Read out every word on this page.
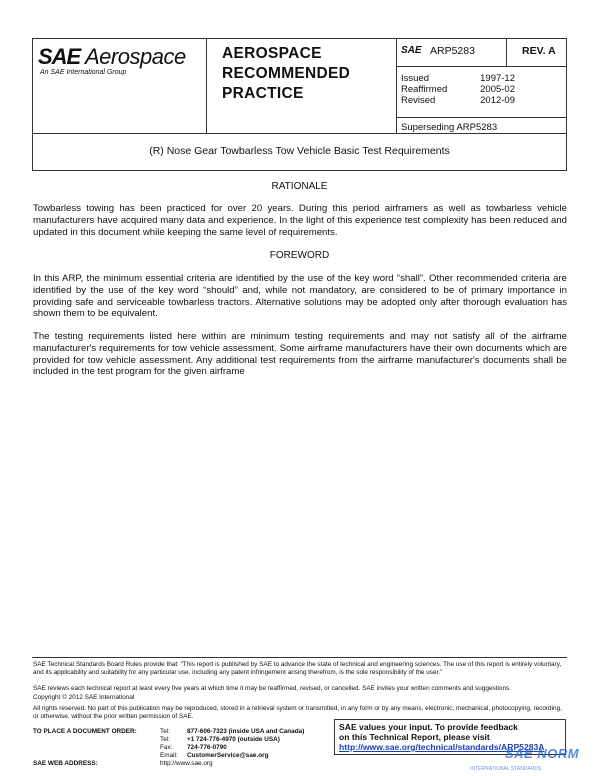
SAE Aerospace
An SAE International Group
AEROSPACE
RECOMMENDED
PRACTICE
SAE ARP5283	REV. A
Issued	1997-12
Reaffirmed	2005-02
Revised	2012-09
Superseding ARP5283
(R) Nose Gear Towbarless Tow Vehicle Basic Test Requirements
RATIONALE
Towbarless towing has been practiced for over 20 years. During this period airframers as well as towbarless vehicle manufacturers have acquired many data and experience. In the light of this experience test complexity has been reduced and updated in this document while keeping the same level of requirements.
FOREWORD
In this ARP, the minimum essential criteria are identified by the use of the key word “shall”. Other recommended criteria are identified by the use of the key word “should” and, while not mandatory, are considered to be of primary importance in providing safe and serviceable towbarless tractors. Alternative solutions may be adopted only after thorough evaluation has shown them to be equivalent.
The testing requirements listed here within are minimum testing requirements and may not satisfy all of the airframe manufacturer's requirements for tow vehicle assessment. Some airframe manufacturers have their own documents which are provided for tow vehicle assessment. Any additional test requirements from the airframe manufacturer's documents shall be included in the test program for the given airframe
SAE Technical Standards Board Rules provide that: “This report is published by SAE to advance the state of technical and engineering sciences. The use of this report is entirely voluntary, and its applicability and suitability for any particular use, including any patent infringement arising therefrom, is the sole responsibility of the user.”
SAE reviews each technical report at least every five years at which time it may be reaffirmed, revised, or cancelled. SAE invites your written comments and suggestions.
Copyright © 2012 SAE International
All rights reserved. No part of this publication may be reproduced, stored in a retrieval system or transmitted, in any form or by any means, electronic, mechanical, photocopying, recording, or otherwise, without the prior written permission of SAE.
TO PLACE A DOCUMENT ORDER:	Tel:	877-606-7323 (inside USA and Canada)
Tel:	+1 724-776-4970 (outside USA)
Fax:	724-776-0790
Email:	CustomerService@sae.org
SAE values your input. To provide feedback
on this Technical Report, please visit
http://www.sae.org/technical/standards/ARP5283A
SAE WEB ADDRESS:	http://www.sae.org
SAE NORM
INTERNATIONAL STANDARDS
